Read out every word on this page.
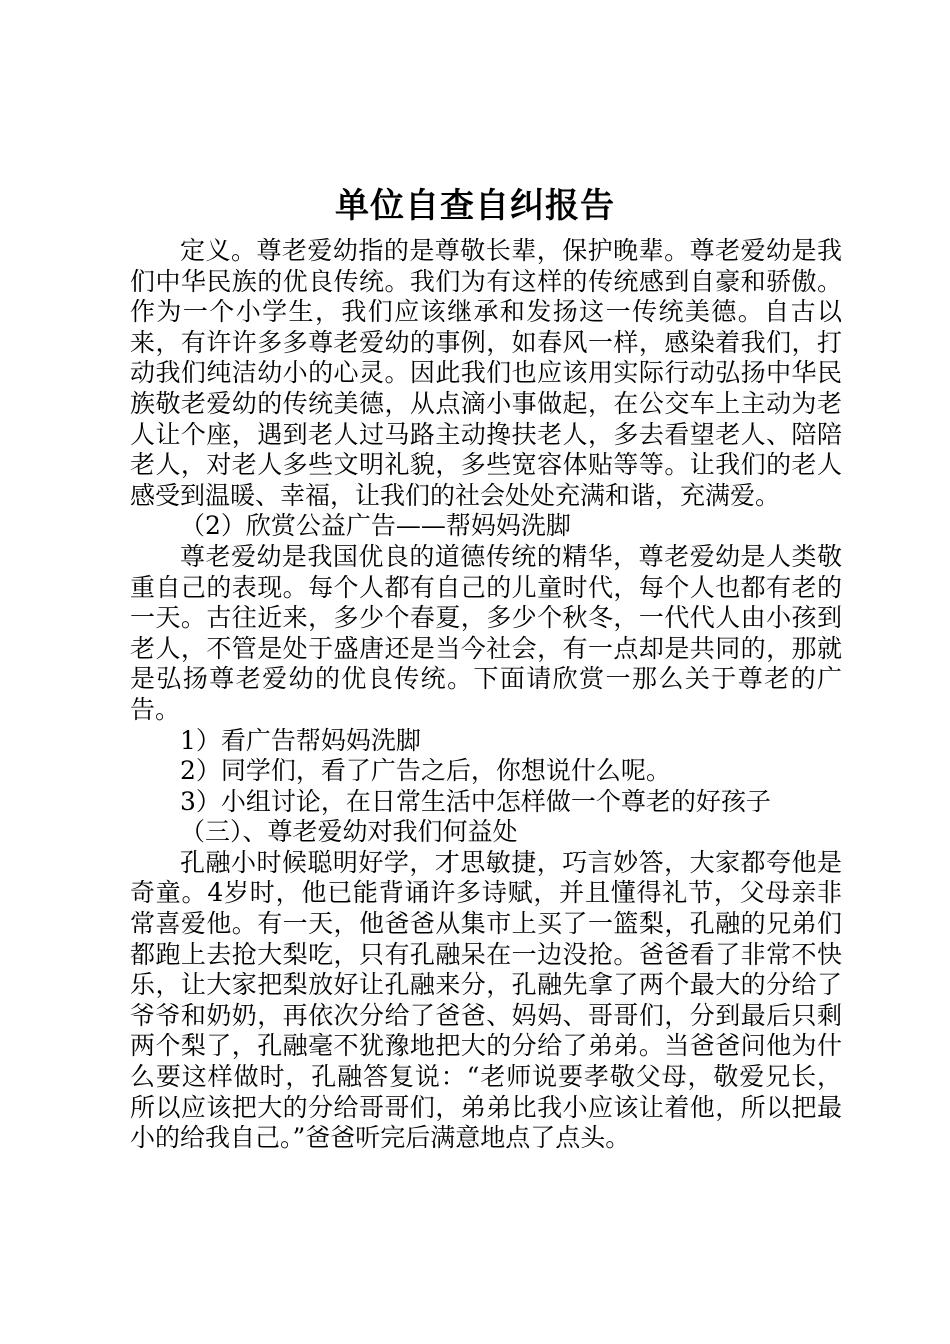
单位自查自纠报告

定义。尊老爱幼指的是尊敬长辈，保护晚辈。尊老爱幼是我们中华民族的优良传统。我们为有这样的传统感到自豪和骄傲。作为一个小学生，我们应该继承和发扬这一传统美德。自古以来，有许许多多尊老爱幼的事例，如春风一样，感染着我们，打动我们纯洁幼小的心灵。因此我们也应该用实际行动弘扬中华民族敬老爱幼的传统美德，从点滴小事做起，在公交车上主动为老人让个座，遇到老人过马路主动搀扶老人，多去看望老人、陪陪老人，对老人多些文明礼貌，多些宽容体贴等等。让我们的老人感受到温暖、幸福，让我们的社会处处充满和谐，充满爱。

（2）欣赏公益广告——帮妈妈洗脚

尊老爱幼是我国优良的道德传统的精华，尊老爱幼是人类敬重自己的表现。每个人都有自己的儿童时代，每个人也都有老的一天。古往近来，多少个春夏，多少个秋冬，一代代人由小孩到老人，不管是处于盛唐还是当今社会，有一点却是共同的，那就是弘扬尊老爱幼的优良传统。下面请欣赏一那么关于尊老的广告。

1）看广告帮妈妈洗脚

2）同学们，看了广告之后，你想说什么呢。

3）小组讨论，在日常生活中怎样做一个尊老的好孩子

（三）、尊老爱幼对我们何益处

孔融小时候聪明好学，才思敏捷，巧言妙答，大家都夸他是奇童。4岁时，他已能背诵许多诗赋，并且懂得礼节，父母亲非常喜爱他。有一天，他爸爸从集市上买了一篮梨，孔融的兄弟们都跑上去抢大梨吃，只有孔融呆在一边没抢。爸爸看了非常不快乐，让大家把梨放好让孔融来分，孔融先拿了两个最大的分给了爷爷和奶奶，再依次分给了爸爸、妈妈、哥哥们，分到最后只剩两个梨了，孔融毫不犹豫地把大的分给了弟弟。当爸爸问他为什么要这样做时，孔融答复说：“老师说要孝敬父母，敬爱兄长，所以应该把大的分给哥哥们，弟弟比我小应该让着他，所以把最小的给我自己。”爸爸听完后满意地点了点头。
